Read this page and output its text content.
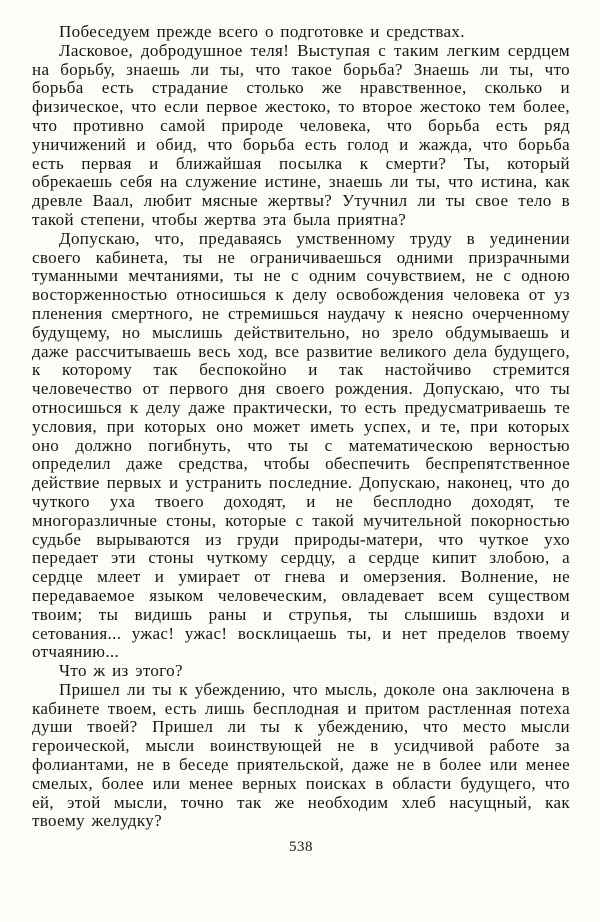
Побеседуем прежде всего о подготовке и средствах.

Ласковое, добродушное теля! Выступая с таким легким сердцем на борьбу, знаешь ли ты, что такое борьба? Знаешь ли ты, что борьба есть страдание столько же нравственное, сколько и физическое, что если первое жестоко, то второе жестоко тем более, что противно самой природе человека, что борьба есть ряд уничижений и обид, что борьба есть голод и жажда, что борьба есть первая и ближайшая посылка к смерти? Ты, который обрекаешь себя на служение истине, знаешь ли ты, что истина, как древле Ваал, любит мясные жертвы? Утучнил ли ты свое тело в такой степени, чтобы жертва эта была приятна?

Допускаю, что, предаваясь умственному труду в уединении своего кабинета, ты не ограничиваешься одними призрачными туманными мечтаниями, ты не с одним сочувствием, не с одною восторженностью относишься к делу освобождения человека от уз пленения смертного, не стремишься наудачу к неясно очерченному будущему, но мыслишь действительно, но зрело обдумываешь и даже рассчитываешь весь ход, все развитие великого дела будущего, к которому так беспокойно и так настойчиво стремится человечество от первого дня своего рождения. Допускаю, что ты относишься к делу даже практически, то есть предусматриваешь те условия, при которых оно может иметь успех, и те, при которых оно должно погибнуть, что ты с математическою верностью определил даже средства, чтобы обеспечить беспрепятственное действие первых и устранить последние. Допускаю, наконец, что до чуткого уха твоего доходят, и не бесплодно доходят, те многоразличные стоны, которые с такой мучительной покорностью судьбе вырываются из груди природы-матери, что чуткое ухо передает эти стоны чуткому сердцу, а сердце кипит злобою, а сердце млеет и умирает от гнева и омерзения. Волнение, не передаваемое языком человеческим, овладевает всем существом твоим; ты видишь раны и струпья, ты слышишь вздохи и сетования... ужас! ужас! восклицаешь ты, и нет пределов твоему отчаянию...

Что ж из этого?

Пришел ли ты к убеждению, что мысль, доколе она заключена в кабинете твоем, есть лишь бесплодная и притом растленная потеха души твоей? Пришел ли ты к убеждению, что место мысли героической, мысли воинствующей не в усидчивой работе за фолиантами, не в беседе приятельской, даже не в более или менее смелых, более или менее верных поисках в области будущего, что ей, этой мысли, точно так же необходим хлеб насущный, как твоему желудку?

538
